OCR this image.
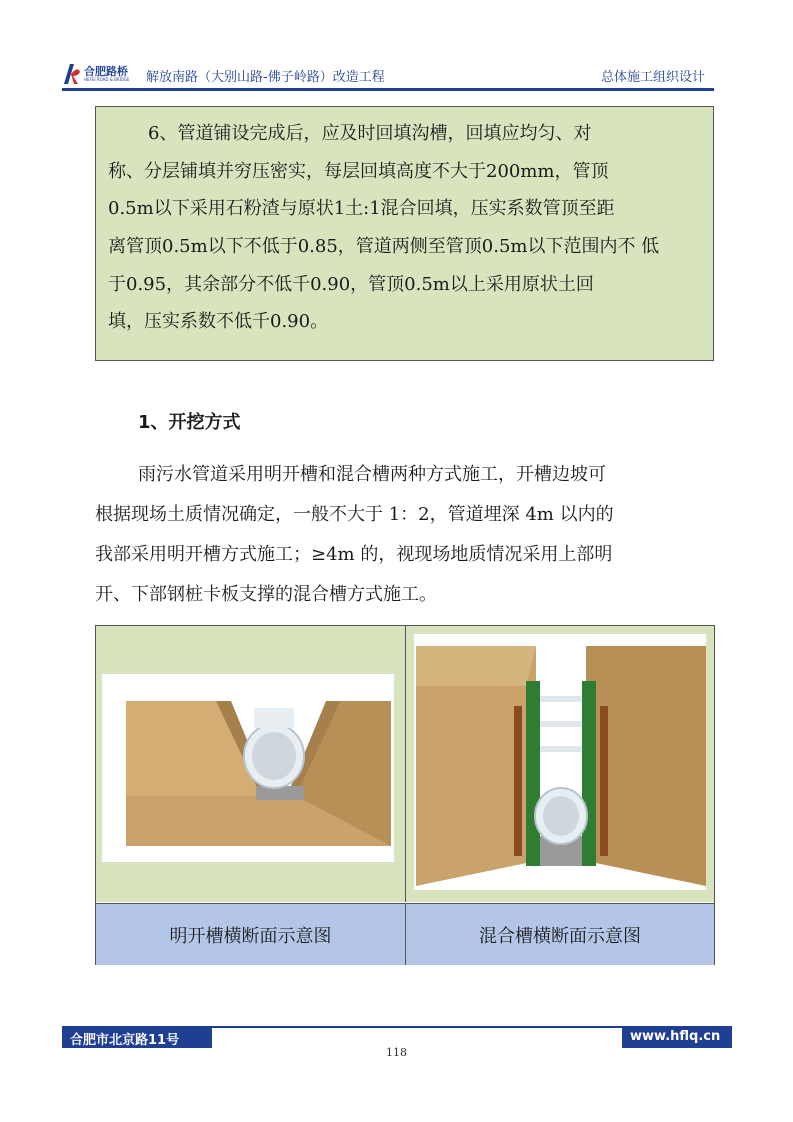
合肥路桥
HEFEI ROAD & BRIDGE 解放南路（大别山路-佛子岭路）改造工程	总体施工组织设计
6、管道铺设完成后，应及时回填沟槽，回填应均匀、对
称、分层铺填并穷压密实，每层回填高度不大于200mm，管顶
0.5m以下采用石粉渣与原状1土:1混合回填，压实系数管顶至距
离管顶0.5m以下不低于0.85，管道两侧至管顶0.5m以下范围内不 低
于0.95，其余部分不低千0.90，管顶0.5m以上采用原状土回
填，压实系数不低千0.90。
1、开挖方式
雨污水管道采用明开槽和混合槽两种方式施工，开槽边坡可
根据现场土质情况确定，一般不大于 1：2，管道埋深 4m 以内的
我部采用明开槽方式施工；≥4m 的，视现场地质情况采用上部明
开、下部钢桩卡板支撑的混合槽方式施工。
明开槽横断面示意图	混合槽横断面示意图
合肥市北京路11号	www.hflq.cn
118
